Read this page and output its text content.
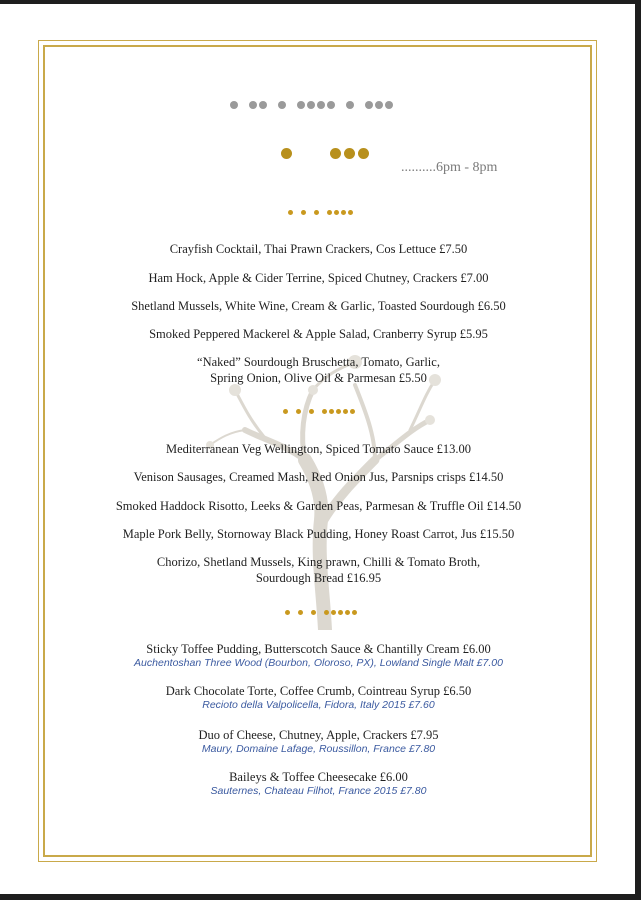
..........6pm - 8pm
Crayfish Cocktail, Thai Prawn Crackers, Cos Lettuce £7.50
Ham Hock, Apple & Cider Terrine, Spiced Chutney, Crackers £7.00
Shetland Mussels, White Wine, Cream & Garlic, Toasted Sourdough £6.50
Smoked Peppered Mackerel & Apple Salad, Cranberry Syrup £5.95
“Naked” Sourdough Bruschetta, Tomato, Garlic,
Spring Onion, Olive Oil & Parmesan £5.50
Mediterranean Veg Wellington, Spiced Tomato Sauce £13.00
Venison Sausages, Creamed Mash, Red Onion Jus, Parsnips crisps £14.50
Smoked Haddock Risotto, Leeks & Garden Peas, Parmesan & Truffle Oil £14.50
Maple Pork Belly, Stornoway Black Pudding, Honey Roast Carrot, Jus £15.50
Chorizo, Shetland Mussels, King prawn, Chilli & Tomato Broth,
Sourdough Bread £16.95
Sticky Toffee Pudding, Butterscotch Sauce & Chantilly Cream £6.00
Auchentoshan Three Wood (Bourbon, Oloroso, PX), Lowland Single Malt £7.00
Dark Chocolate Torte, Coffee Crumb, Cointreau Syrup £6.50
Recioto della Valpolicella, Fidora, Italy 2015 £7.60
Duo of Cheese, Chutney, Apple, Crackers £7.95
Maury, Domaine Lafage, Roussillon, France £7.80
Baileys & Toffee Cheesecake £6.00
Sauternes, Chateau Filhot, France 2015 £7.80
